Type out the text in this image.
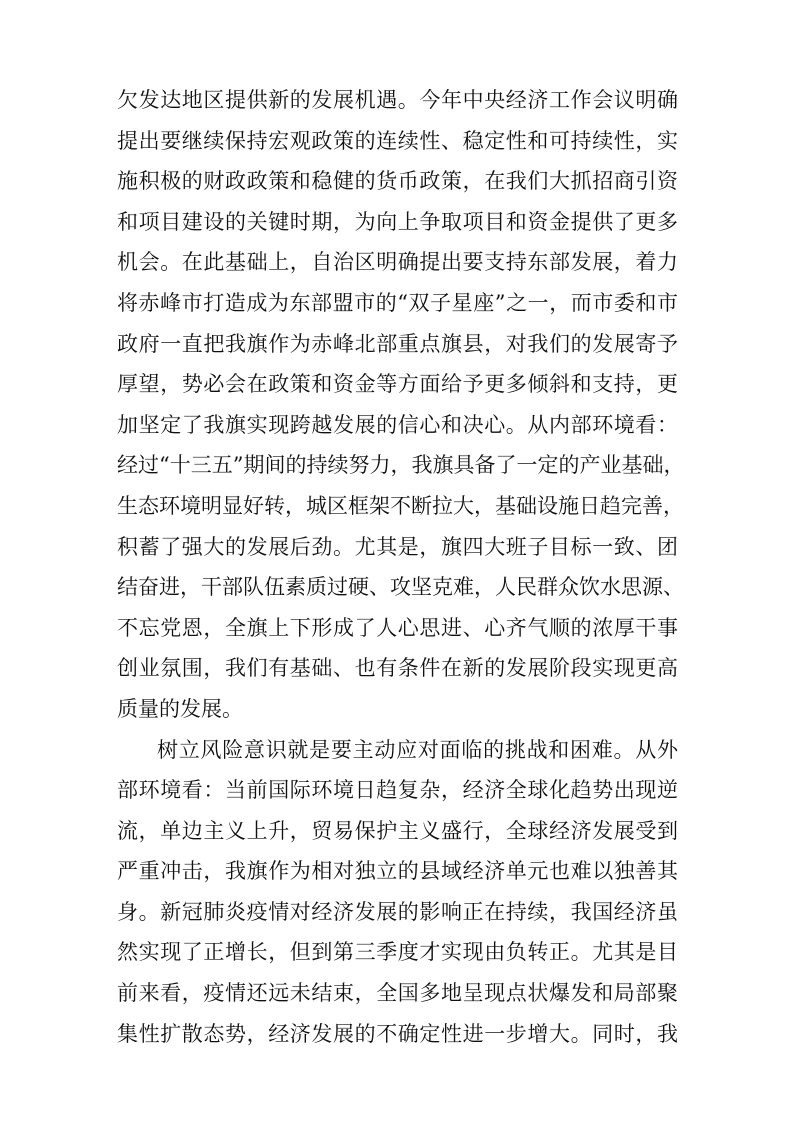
欠发达地区提供新的发展机遇。今年中央经济工作会议明确
提出要继续保持宏观政策的连续性、稳定性和可持续性，实
施积极的财政政策和稳健的货币政策，在我们大抓招商引资
和项目建设的关键时期，为向上争取项目和资金提供了更多
机会。在此基础上，自治区明确提出要支持东部发展，着力
将赤峰市打造成为东部盟市的“双子星座”之一，而市委和市
政府一直把我旗作为赤峰北部重点旗县，对我们的发展寄予
厚望，势必会在政策和资金等方面给予更多倾斜和支持，更
加坚定了我旗实现跨越发展的信心和决心。从内部环境看：
经过“十三五”期间的持续努力，我旗具备了一定的产业基础，
生态环境明显好转，城区框架不断拉大，基础设施日趋完善，
积蓄了强大的发展后劲。尤其是，旗四大班子目标一致、团
结奋进，干部队伍素质过硬、攻坚克难，人民群众饮水思源、
不忘党恩，全旗上下形成了人心思进、心齐气顺的浓厚干事
创业氛围，我们有基础、也有条件在新的发展阶段实现更高
质量的发展。
树立风险意识就是要主动应对面临的挑战和困难。从外
部环境看：当前国际环境日趋复杂，经济全球化趋势出现逆
流，单边主义上升，贸易保护主义盛行，全球经济发展受到
严重冲击，我旗作为相对独立的县域经济单元也难以独善其
身。新冠肺炎疫情对经济发展的影响正在持续，我国经济虽
然实现了正增长，但到第三季度才实现由负转正。尤其是目
前来看，疫情还远未结束，全国多地呈现点状爆发和局部聚
集性扩散态势，经济发展的不确定性进一步增大。同时，我
